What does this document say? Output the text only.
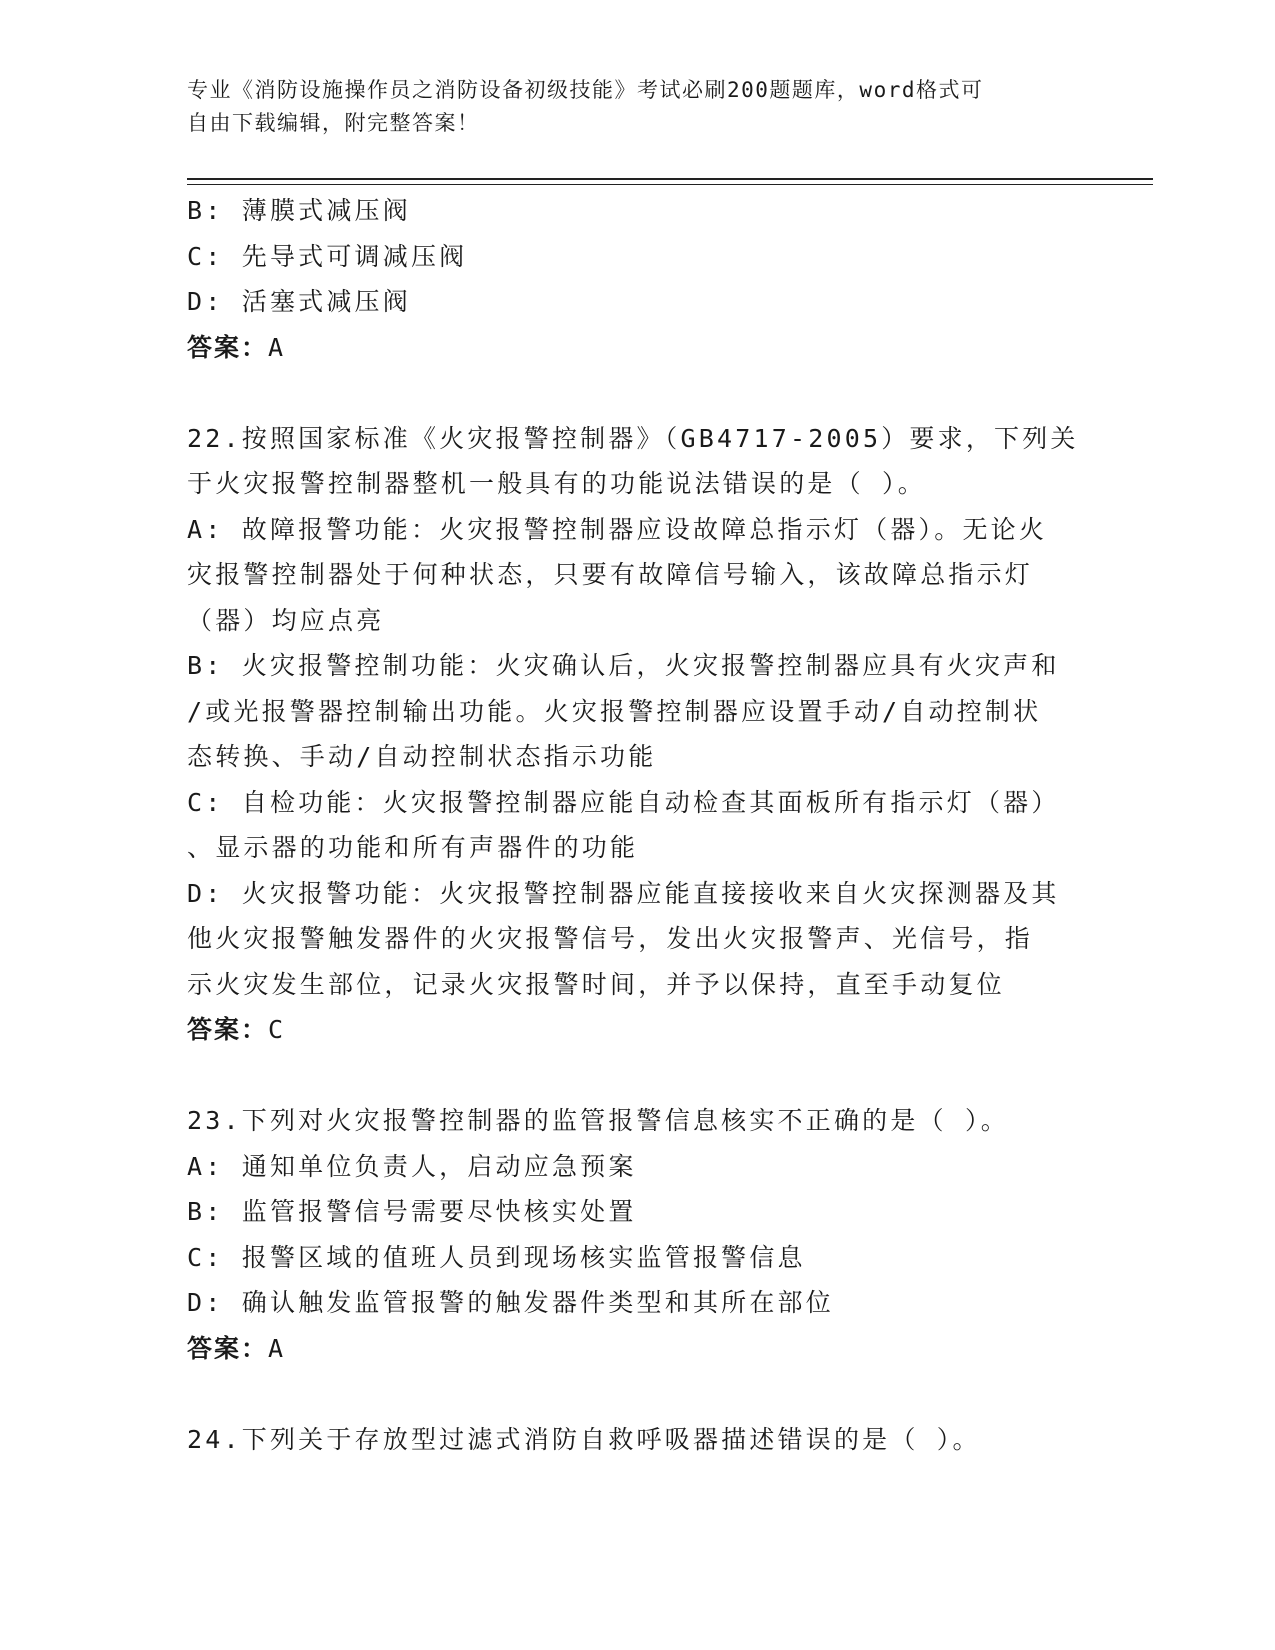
专业《消防设施操作员之消防设备初级技能》考试必刷200题题库，word格式可
自由下载编辑，附完整答案！
B: 薄膜式减压阀
C: 先导式可调减压阀
D: 活塞式减压阀
答案：A
22.按照国家标准《火灾报警控制器》（GB4717-2005）要求，下列关
于火灾报警控制器整机一般具有的功能说法错误的是（ ）。
A: 故障报警功能：火灾报警控制器应设故障总指示灯（器）。无论火
灾报警控制器处于何种状态，只要有故障信号输入，该故障总指示灯
（器）均应点亮
B: 火灾报警控制功能：火灾确认后，火灾报警控制器应具有火灾声和
/或光报警器控制输出功能。火灾报警控制器应设置手动/自动控制状
态转换、手动/自动控制状态指示功能
C: 自检功能：火灾报警控制器应能自动检查其面板所有指示灯（器）
、显示器的功能和所有声器件的功能
D: 火灾报警功能：火灾报警控制器应能直接接收来自火灾探测器及其
他火灾报警触发器件的火灾报警信号，发出火灾报警声、光信号，指
示火灾发生部位，记录火灾报警时间，并予以保持，直至手动复位
答案：C
23.下列对火灾报警控制器的监管报警信息核实不正确的是（ ）。
A: 通知单位负责人，启动应急预案
B: 监管报警信号需要尽快核实处置
C: 报警区域的值班人员到现场核实监管报警信息
D: 确认触发监管报警的触发器件类型和其所在部位
答案：A
24.下列关于存放型过滤式消防自救呼吸器描述错误的是（ ）。
